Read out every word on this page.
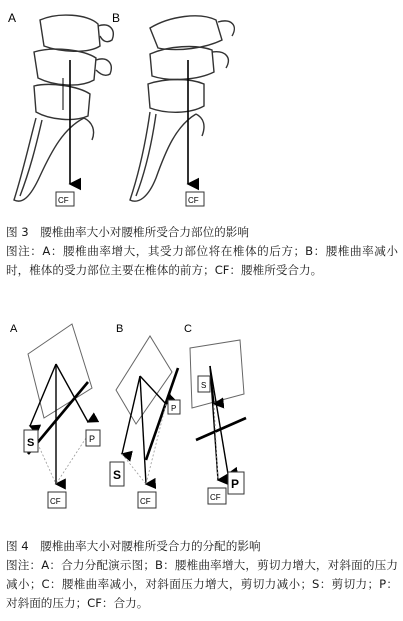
A
CF
B
CF
图 3　腰椎曲率大小对腰椎所受合力部位的影响
图注：A：腰椎曲率增大，其受力部位将在椎体的后方；B：腰椎曲率减小时，椎体的受力部位主要在椎体的前方；CF：腰椎所受合力。
A
S	P
CF
B
S
P
CF
C
S
P
CF
图 4　腰椎曲率大小对腰椎所受合力的分配的影响
图注：A：合力分配演示图；B：腰椎曲率增大，剪切力增大，对斜面的压力减小；C：腰椎曲率减小，对斜面压力增大，剪切力减小；S：剪切力；P：对斜面的压力；CF：合力。
